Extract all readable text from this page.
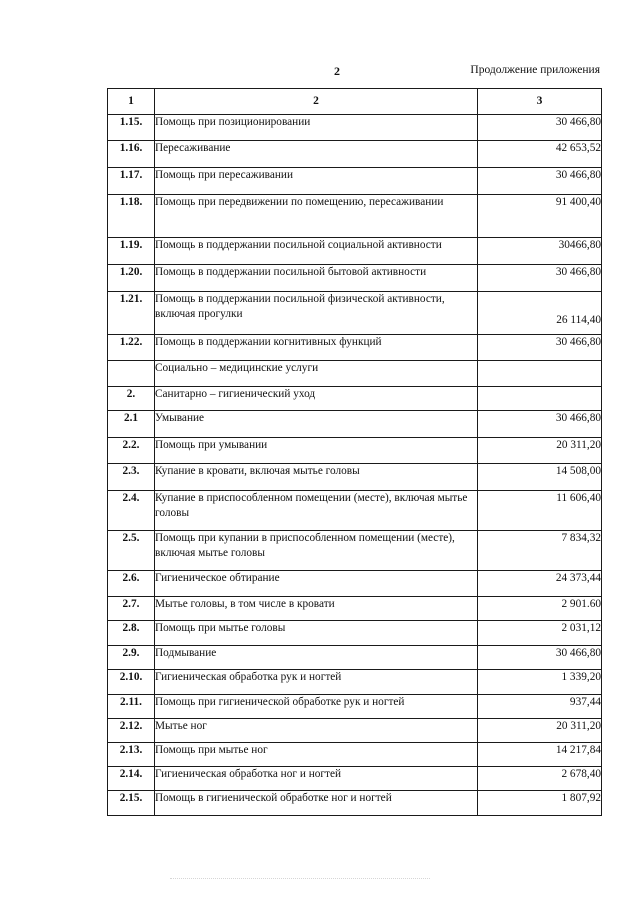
2	Продолжение приложения
1	2	3
1.15.	Помощь при позиционировании	30 466,80
1.16.	Пересаживание	42 653,52
1.17.	Помощь при пересаживании	30 466,80
1.18.	Помощь при передвижении по помещению, пересаживании	91 400,40
1.19.	Помощь в поддержании посильной социальной активности	30466,80
1.20.	Помощь в поддержании посильной бытовой активности	30 466,80
1.21.	Помощь в поддержании посильной физической активности, включая прогулки	26 114,40
1.22.	Помощь в поддержании когнитивных функций	30 466,80
	Социально – медицинские услуги	
2.	Санитарно – гигиенический уход	
2.1	Умывание	30 466,80
2.2.	Помощь при умывании	20 311,20
2.3.	Купание в кровати, включая мытье головы	14 508,00
2.4.	Купание в приспособленном помещении (месте), включая мытье головы	11 606,40
2.5.	Помощь при купании в приспособленном помещении (месте), включая мытье головы	7 834,32
2.6.	Гигиеническое обтирание	24 373,44
2.7.	Мытье головы, в том числе в кровати	2 901.60
2.8.	Помощь при мытье головы	2 031,12
2.9.	Подмывание	30 466,80
2.10.	Гигиеническая обработка рук и ногтей	1 339,20
2.11.	Помощь при гигиенической обработке рук и ногтей	937,44
2.12.	Мытье ног	20 311,20
2.13.	Помощь при мытье ног	14 217,84
2.14.	Гигиеническая обработка ног и ногтей	2 678,40
2.15.	Помощь в гигиенической обработке ног и ногтей	1 807,92
